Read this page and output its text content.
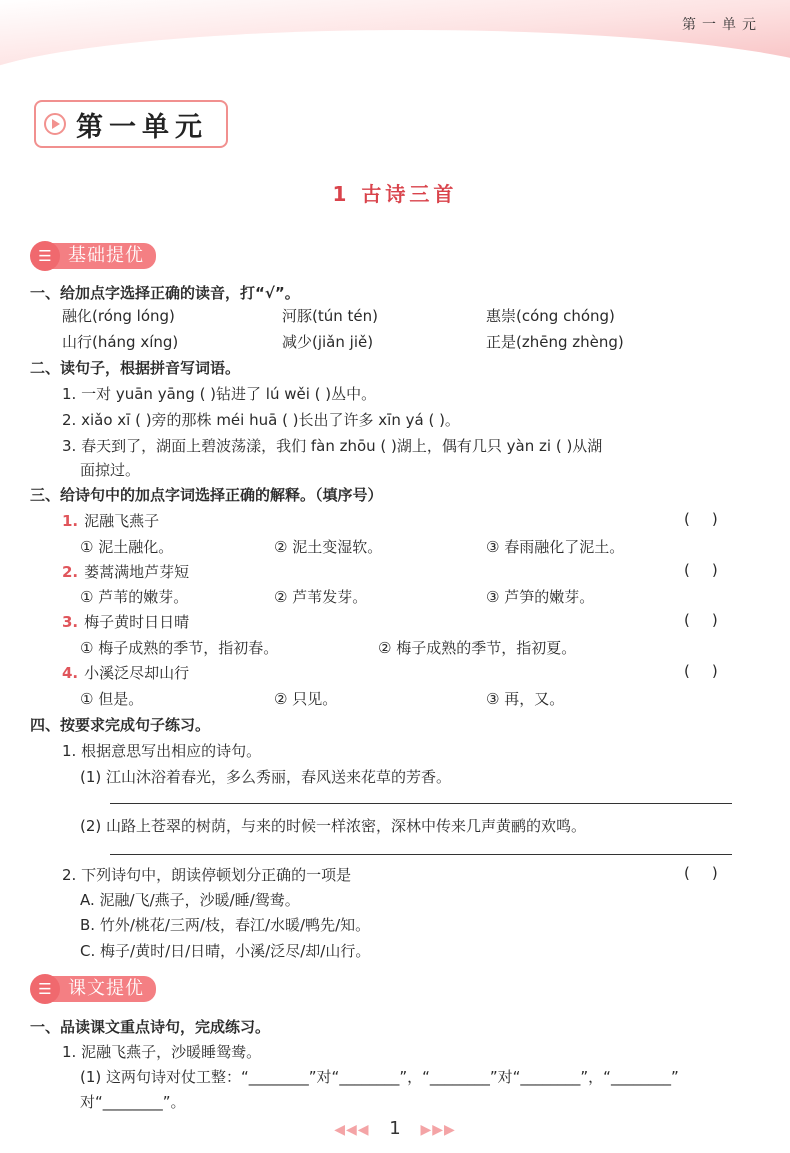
第一单元
第一单元
1 古诗三首
☰ 基础提优
一、给加点字选择正确的读音，打“√”。
融化(róng lóng)	河豚(tún tén)	惠崇(cóng chóng)
山行(háng xíng)	减少(jiǎn jiě)	正是(zhēng zhèng)
二、读句子，根据拼音写词语。
1. 一对 yuān yāng ( )钻进了 lú wěi ( )丛中。
2. xiǎo xī ( )旁的那株 méi huā ( )长出了许多 xīn yá ( )。
3. 春天到了，湖面上碧波荡漾，我们 fàn zhōu ( )湖上，偶有几只 yàn zi ( )从湖
面掠过。
三、给诗句中的加点字词选择正确的解释。（填序号）
1. 泥融飞燕子	()
① 泥土融化。	② 泥土变湿软。	③ 春雨融化了泥土。
2. 蒌蒿满地芦芽短	()
① 芦苇的嫩芽。	② 芦苇发芽。	③ 芦笋的嫩芽。
3. 梅子黄时日日晴	()
① 梅子成熟的季节，指初春。	② 梅子成熟的季节，指初夏。
4. 小溪泛尽却山行	()
① 但是。	② 只见。	③ 再，又。
四、按要求完成句子练习。
1. 根据意思写出相应的诗句。
(1) 江山沐浴着春光，多么秀丽，春风送来花草的芳香。
(2) 山路上苍翠的树荫，与来的时候一样浓密，深林中传来几声黄鹂的欢鸣。
2. 下列诗句中，朗读停顿划分正确的一项是	()
A. 泥融/飞/燕子，沙暖/睡/鸳鸯。
B. 竹外/桃花/三两/枝，春江/水暖/鸭先/知。
C. 梅子/黄时/日/日晴，小溪/泛尽/却/山行。
☰ 课文提优
一、品读课文重点诗句，完成练习。
1. 泥融飞燕子，沙暖睡鸳鸯。
(1) 这两句诗对仗工整：“________”对“________”，“________”对“________”，“________”
对“________”。
◀◀◀ 1 ▶▶▶
